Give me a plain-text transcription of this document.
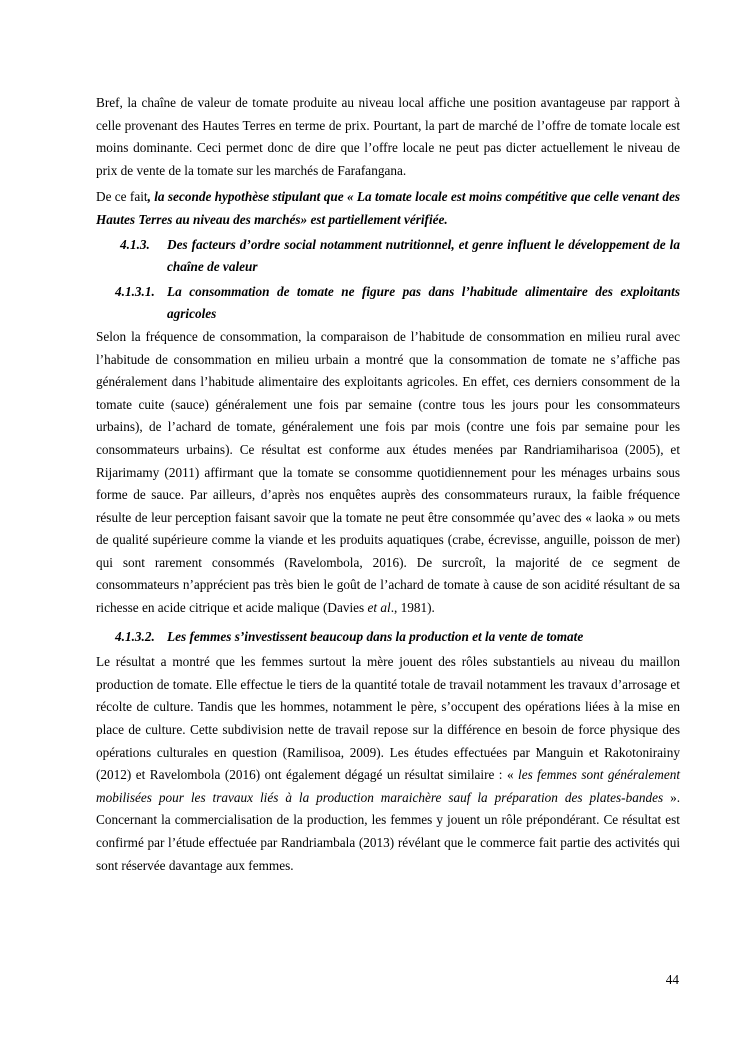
Bref, la chaîne de valeur de tomate produite au niveau local affiche une position avantageuse par rapport à celle provenant des Hautes Terres en terme de prix. Pourtant, la part de marché de l’offre de tomate locale est moins dominante. Ceci permet donc de dire que l’offre locale ne peut pas dicter actuellement le niveau de prix de vente de la tomate sur les marchés de Farafangana.

De ce fait, la seconde hypothèse stipulant que « La tomate locale est moins compétitive que celle venant des Hautes Terres au niveau des marchés» est partiellement vérifiée.

4.1.3.	Des facteurs d’ordre social notamment nutritionnel, et genre influent le développement de la chaîne de valeur
4.1.3.1. La consommation de tomate ne figure pas dans l’habitude alimentaire des exploitants agricoles

Selon la fréquence de consommation, la comparaison de l’habitude de consommation en milieu rural avec l’habitude de consommation en milieu urbain a montré que la consommation de tomate ne s’affiche pas généralement dans l’habitude alimentaire des exploitants agricoles. En effet, ces derniers consomment de la tomate cuite (sauce) généralement une fois par semaine (contre tous les jours pour les consommateurs urbains), de l’achard de tomate, généralement une fois par mois (contre une fois par semaine pour les consommateurs urbains). Ce résultat est conforme aux études menées par Randriamiharisoa (2005), et Rijarimamy (2011) affirmant que la tomate se consomme quotidiennement pour les ménages urbains sous forme de sauce. Par ailleurs, d’après nos enquêtes auprès des consommateurs ruraux, la faible fréquence résulte de leur perception faisant savoir que la tomate ne peut être consommée qu’avec des « laoka » ou mets de qualité supérieure comme la viande et les produits aquatiques (crabe, écrevisse, anguille, poisson de mer) qui sont rarement consommés (Ravelombola, 2016). De surcroît, la majorité de ce segment de consommateurs n’apprécient pas très bien le goût de l’achard de tomate à cause de son acidité résultant de sa richesse en acide citrique et acide malique (Davies et al., 1981).

4.1.3.2. Les femmes s’investissent beaucoup dans la production et la vente de tomate

Le résultat a montré que les femmes surtout la mère jouent des rôles substantiels au niveau du maillon production de tomate. Elle effectue le tiers de la quantité totale de travail notamment les travaux d’arrosage et récolte de culture. Tandis que les hommes, notamment le père, s’occupent des opérations liées à la mise en place de culture. Cette subdivision nette de travail repose sur la différence en besoin de force physique des opérations culturales en question (Ramilisoa, 2009). Les études effectuées par Manguin et Rakotonirainy (2012) et Ravelombola (2016) ont également dégagé un résultat similaire : « les femmes sont généralement mobilisées pour les travaux liés à la production maraichère sauf la préparation des plates-bandes ». Concernant la commercialisation de la production, les femmes y jouent un rôle prépondérant. Ce résultat est confirmé par l’étude effectuée par Randriambala (2013) révélant que le commerce fait partie des activités qui sont réservée davantage aux femmes.

44
